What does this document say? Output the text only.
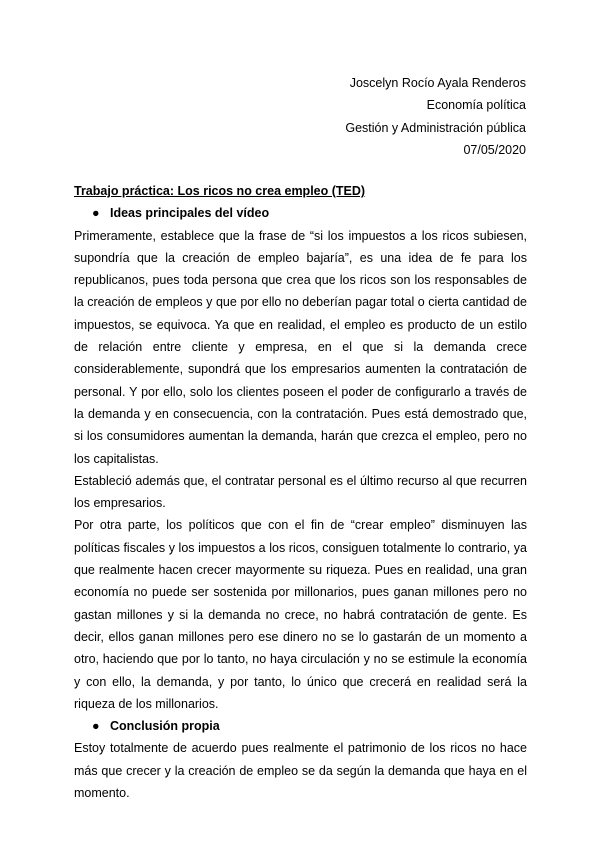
Joscelyn Rocío Ayala Renderos
Economía política
Gestión y Administración pública
07/05/2020
Trabajo práctica: Los ricos no crea empleo (TED)
● Ideas principales del vídeo

Primeramente, establece que la frase de “si los impuestos a los ricos subiesen, supondría que la creación de empleo bajaría”, es una idea de fe para los republicanos, pues toda persona que crea que los ricos son los responsables de la creación de empleos y que por ello no deberían pagar total o cierta cantidad de impuestos, se equivoca. Ya que en realidad, el empleo es producto de un estilo de relación entre cliente y empresa, en el que si la demanda crece considerablemente, supondrá que los empresarios aumenten la contratación de personal. Y por ello, solo los clientes poseen el poder de configurarlo a través de la demanda y en consecuencia, con la contratación. Pues está demostrado que, si los consumidores aumentan la demanda, harán que crezca el empleo, pero no los capitalistas.

Estableció además que, el contratar personal es el último recurso al que recurren los empresarios.

Por otra parte, los políticos que con el fin de “crear empleo” disminuyen las políticas fiscales y los impuestos a los ricos, consiguen totalmente lo contrario, ya que realmente hacen crecer mayormente su riqueza. Pues en realidad, una gran economía no puede ser sostenida por millonarios, pues ganan millones pero no gastan millones y si la demanda no crece, no habrá contratación de gente. Es decir, ellos ganan millones pero ese dinero no se lo gastarán de un momento a otro, haciendo que por lo tanto, no haya circulación y no se estimule la economía y con ello, la demanda, y por tanto, lo único que crecerá en realidad será la riqueza de los millonarios.

● Conclusión propia

Estoy totalmente de acuerdo pues realmente el patrimonio de los ricos no hace más que crecer y la creación de empleo se da según la demanda que haya en el momento.
